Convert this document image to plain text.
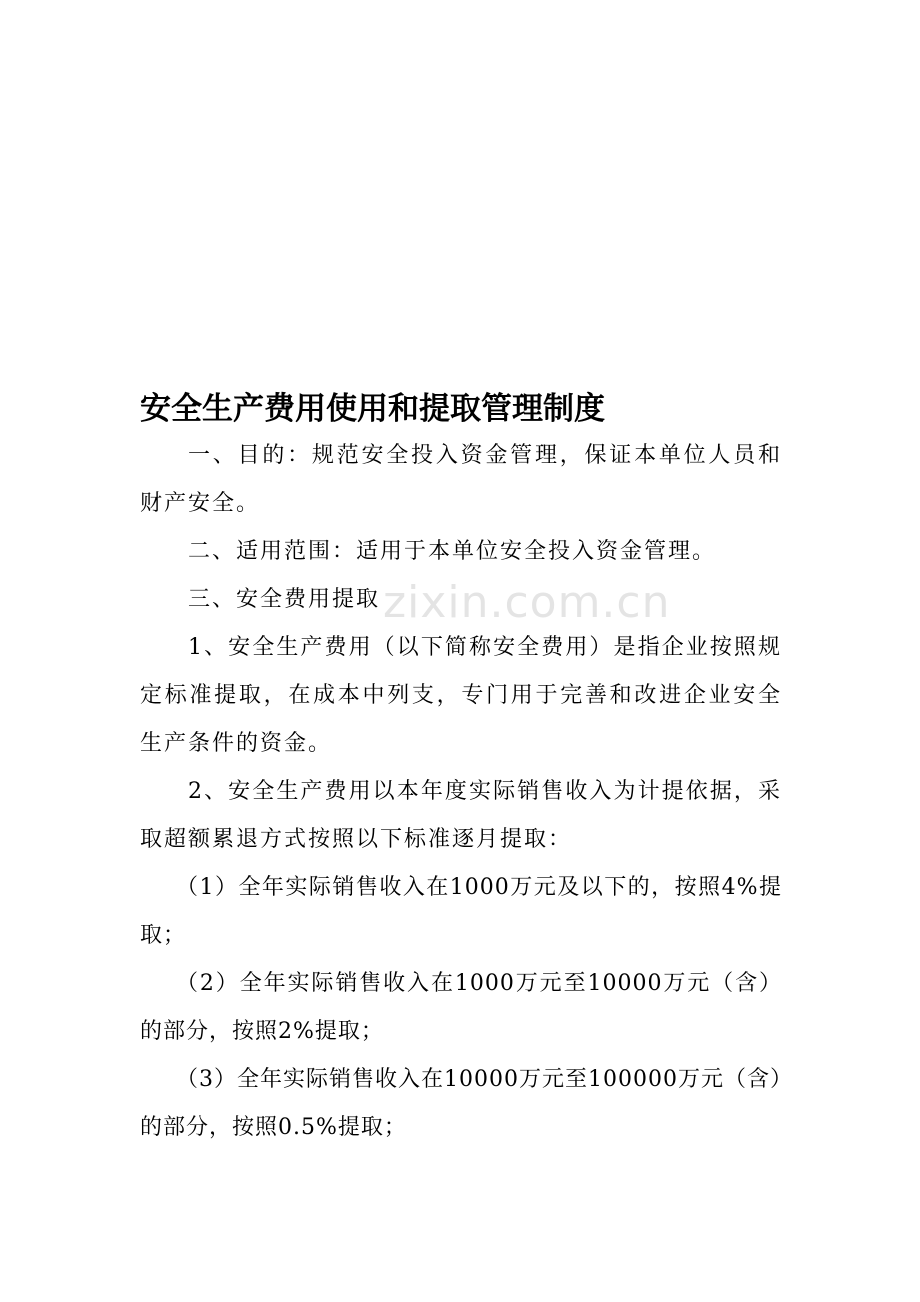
zixin.com.cn
安全生产费用使用和提取管理制度

一、目的：规范安全投入资金管理，保证本单位人员和财产安全。

二、适用范围：适用于本单位安全投入资金管理。

三、安全费用提取

1、安全生产费用（以下简称安全费用）是指企业按照规定标准提取，在成本中列支，专门用于完善和改进企业安全生产条件的资金。

2、安全生产费用以本年度实际销售收入为计提依据，采取超额累退方式按照以下标准逐月提取：

（1）全年实际销售收入在1000万元及以下的，按照4%提取；

（2）全年实际销售收入在1000万元至10000万元（含）的部分，按照2%提取；

（3）全年实际销售收入在10000万元至100000万元（含）的部分，按照0.5%提取；
